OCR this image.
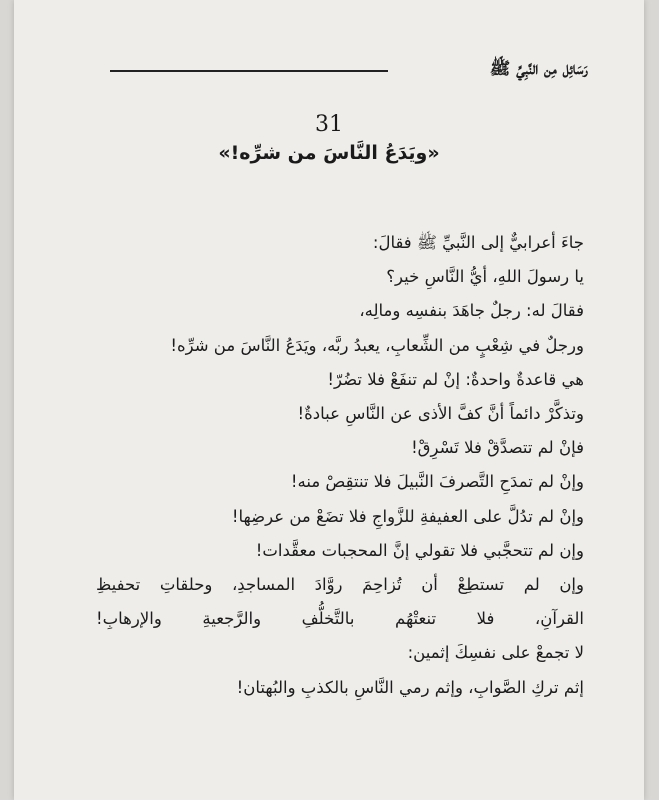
رَسَائِل مِن النَّبِيِّ ﷺ
31
«ويَدَعُ النَّاسَ من شرِّه!»
جاءَ أعرابيٌّ إلى النَّبيِّ ﷺ فقالَ:
يا رسولَ اللهِ، أيُّ النَّاسِ خير؟
فقالَ له: رجلٌ جاهَدَ بنفسِه ومالِه،
ورجلٌ في شِعْبٍ من الشِّعابِ، يعبدُ ربَّه، ويَدَعُ النَّاسَ من شرِّه!
هي قاعدةٌ واحدةٌ: إنْ لم تنفَعْ فلا تضُرّ!
وتذكَّرْ دائماً أنَّ كفَّ الأذى عن النَّاسِ عبادةٌ!
فإنْ لم تتصدَّقْ فلا تَسْرِقْ!
وإنْ لم تمدَحِ التَّصرفَ النَّبيلَ فلا تنتقِصْ منه!
وإنْ لم تدُلَّ على العفيفةِ للزَّواجِ فلا تضَعْ من عرضِها!
وإن لم تتحجَّبي فلا تقولي إنَّ المحجبات معقَّدات!
وإن لم تستطِعْ أن تُزاحِمَ روَّادَ المساجدِ، وحلقاتِ تحفيظِ
القرآنِ، فلا تنعتْهُم بالتَّخلُّفِ والرَّجعيةِ والإرهابِ!
لا تجمعْ على نفسِكَ إثمين:
إثم تركِ الصَّوابِ، وإثم رمي النَّاسِ بالكذبِ والبُهتان!
